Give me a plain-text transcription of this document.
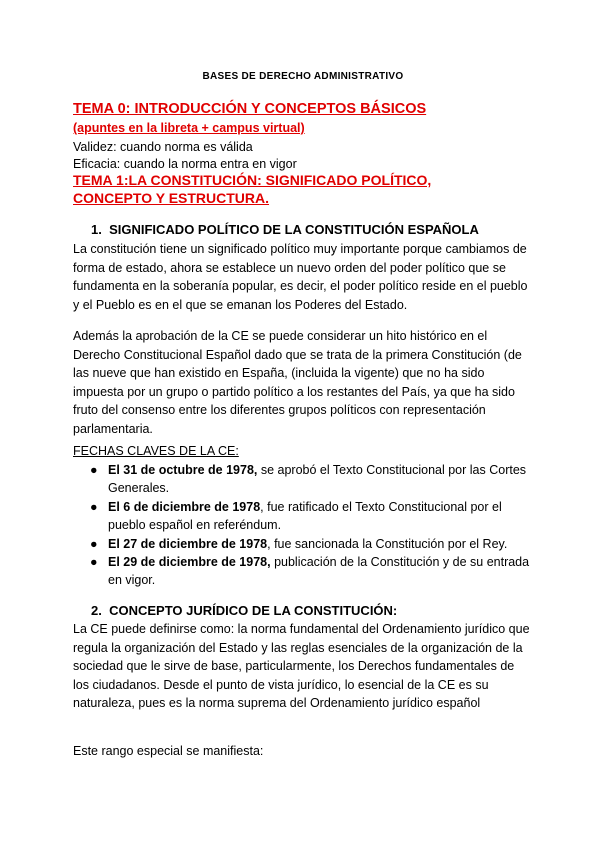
BASES DE DERECHO ADMINISTRATIVO
TEMA 0: INTRODUCCIÓN Y CONCEPTOS BÁSICOS
(apuntes en la libreta + campus virtual)
Validez: cuando norma es válida
Eficacia: cuando la norma entra en vigor
TEMA 1:LA CONSTITUCIÓN: SIGNIFICADO POLÍTICO, CONCEPTO Y ESTRUCTURA.
1. SIGNIFICADO POLÍTICO DE LA CONSTITUCIÓN ESPAÑOLA
La constitución tiene un significado político muy importante porque cambiamos de forma de estado, ahora se establece un nuevo orden del poder político que se fundamenta en la soberanía popular, es decir, el poder político reside en el pueblo y el Pueblo es en el que se emanan los Poderes del Estado.
Además la aprobación de la CE se puede considerar un hito histórico en el Derecho Constitucional Español dado que se trata de la primera Constitución (de las nueve que han existido en España, (incluida la vigente) que no ha sido impuesta por un grupo o partido político a los restantes del País, ya que ha sido fruto del consenso entre los diferentes grupos políticos con representación parlamentaria.
FECHAS CLAVES DE LA CE:
● El 31 de octubre de 1978, se aprobó el Texto Constitucional por las Cortes Generales.
● El 6 de diciembre de 1978, fue ratificado el Texto Constitucional por el pueblo español en referéndum.
● El 27 de diciembre de 1978, fue sancionada la Constitución por el Rey.
● El 29 de diciembre de 1978, publicación de la Constitución y de su entrada en vigor.
2. CONCEPTO JURÍDICO DE LA CONSTITUCIÓN:
La CE puede definirse como: la norma fundamental del Ordenamiento jurídico que regula la organización del Estado y las reglas esenciales de la organización de la sociedad que le sirve de base, particularmente, los Derechos fundamentales de los ciudadanos. Desde el punto de vista jurídico, lo esencial de la CE es su naturaleza, pues es la norma suprema del Ordenamiento jurídico español
Este rango especial se manifiesta:
